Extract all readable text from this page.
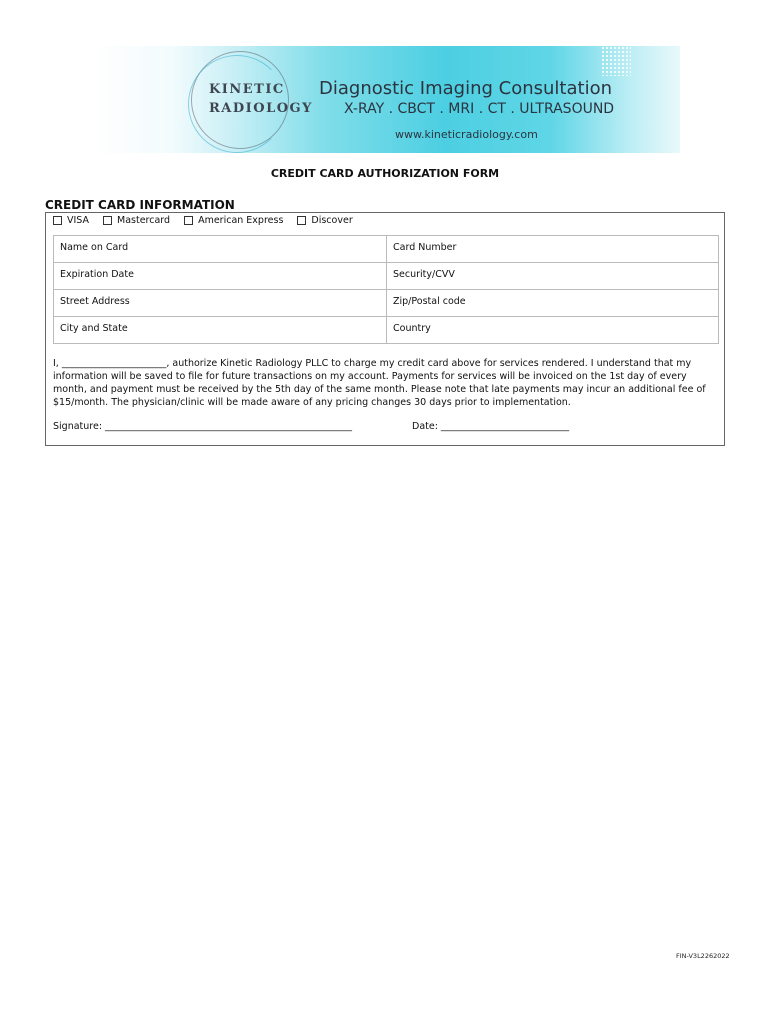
KINETIC
RADIOLOGY
Diagnostic Imaging Consultation
X-RAY . CBCT . MRI . CT . ULTRASOUND
www.kineticradiology.com
CREDIT CARD AUTHORIZATION FORM
CREDIT CARD INFORMATION
VISA	Mastercard	American Express	Discover
Name on Card	Card Number
Expiration Date	Security/CVV
Street Address	Zip/Postal code
City and State	Country
I, ______________________, authorize Kinetic Radiology PLLC to charge my credit card above for services rendered. I understand that my information will be saved to file for future transactions on my account. Payments for services will be invoiced on the 1st day of every month, and payment must be received by the 5th day of the same month. Please note that late payments may incur an additional fee of $15/month. The physician/clinic will be made aware of any pricing changes 30 days prior to implementation.
Signature: ____________________________________________________	Date: ___________________________
FIN-V3L2262022
